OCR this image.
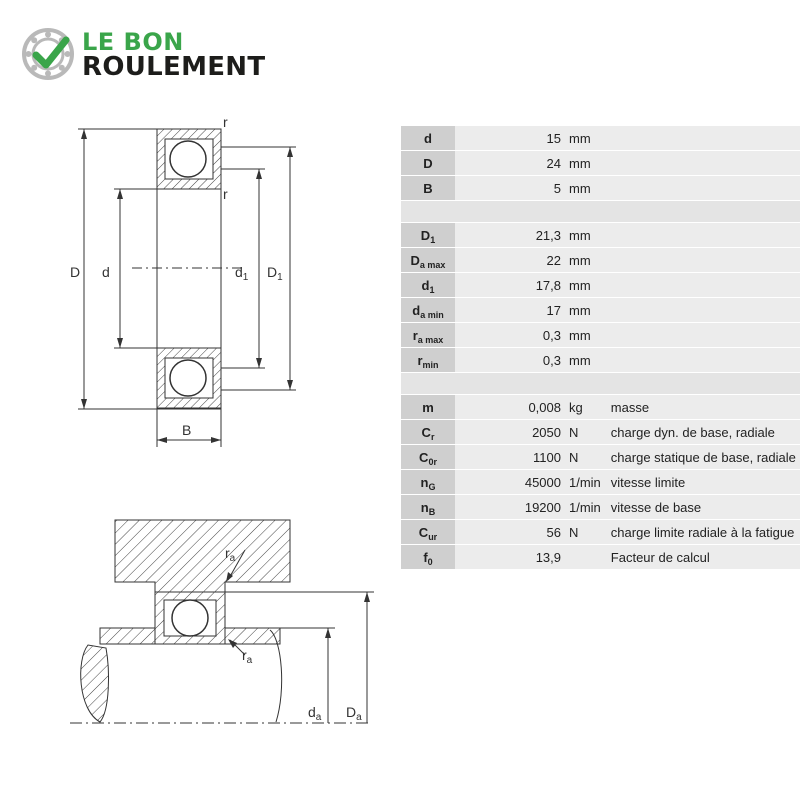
LE BON
ROULEMENT
D d	$d_1$ $D_1$
B
r
r
$r_a$
$r_a$
$d_a$ $D_a$
d	15	mm	
D	24	mm	
B	5	mm	

$D_1$	21,3	mm	
$D_{a max}$	22	mm	
$d_1$	17,8	mm	
$d_{a min}$	17	mm	
$r_{a max}$	0,3	mm	
$r_{min}$	0,3	mm	

m	0,008	kg	masse
$C_r$	2050	N	charge dyn. de base, radiale
$C_{0r}$	1100	N	charge statique de base, radiale
$n_G$	45000	1/min	vitesse limite
$n_B$	19200	1/min	vitesse de base
$C_{ur}$	56	N	charge limite radiale à la fatigue
$f_0$	13,9		Facteur de calcul
